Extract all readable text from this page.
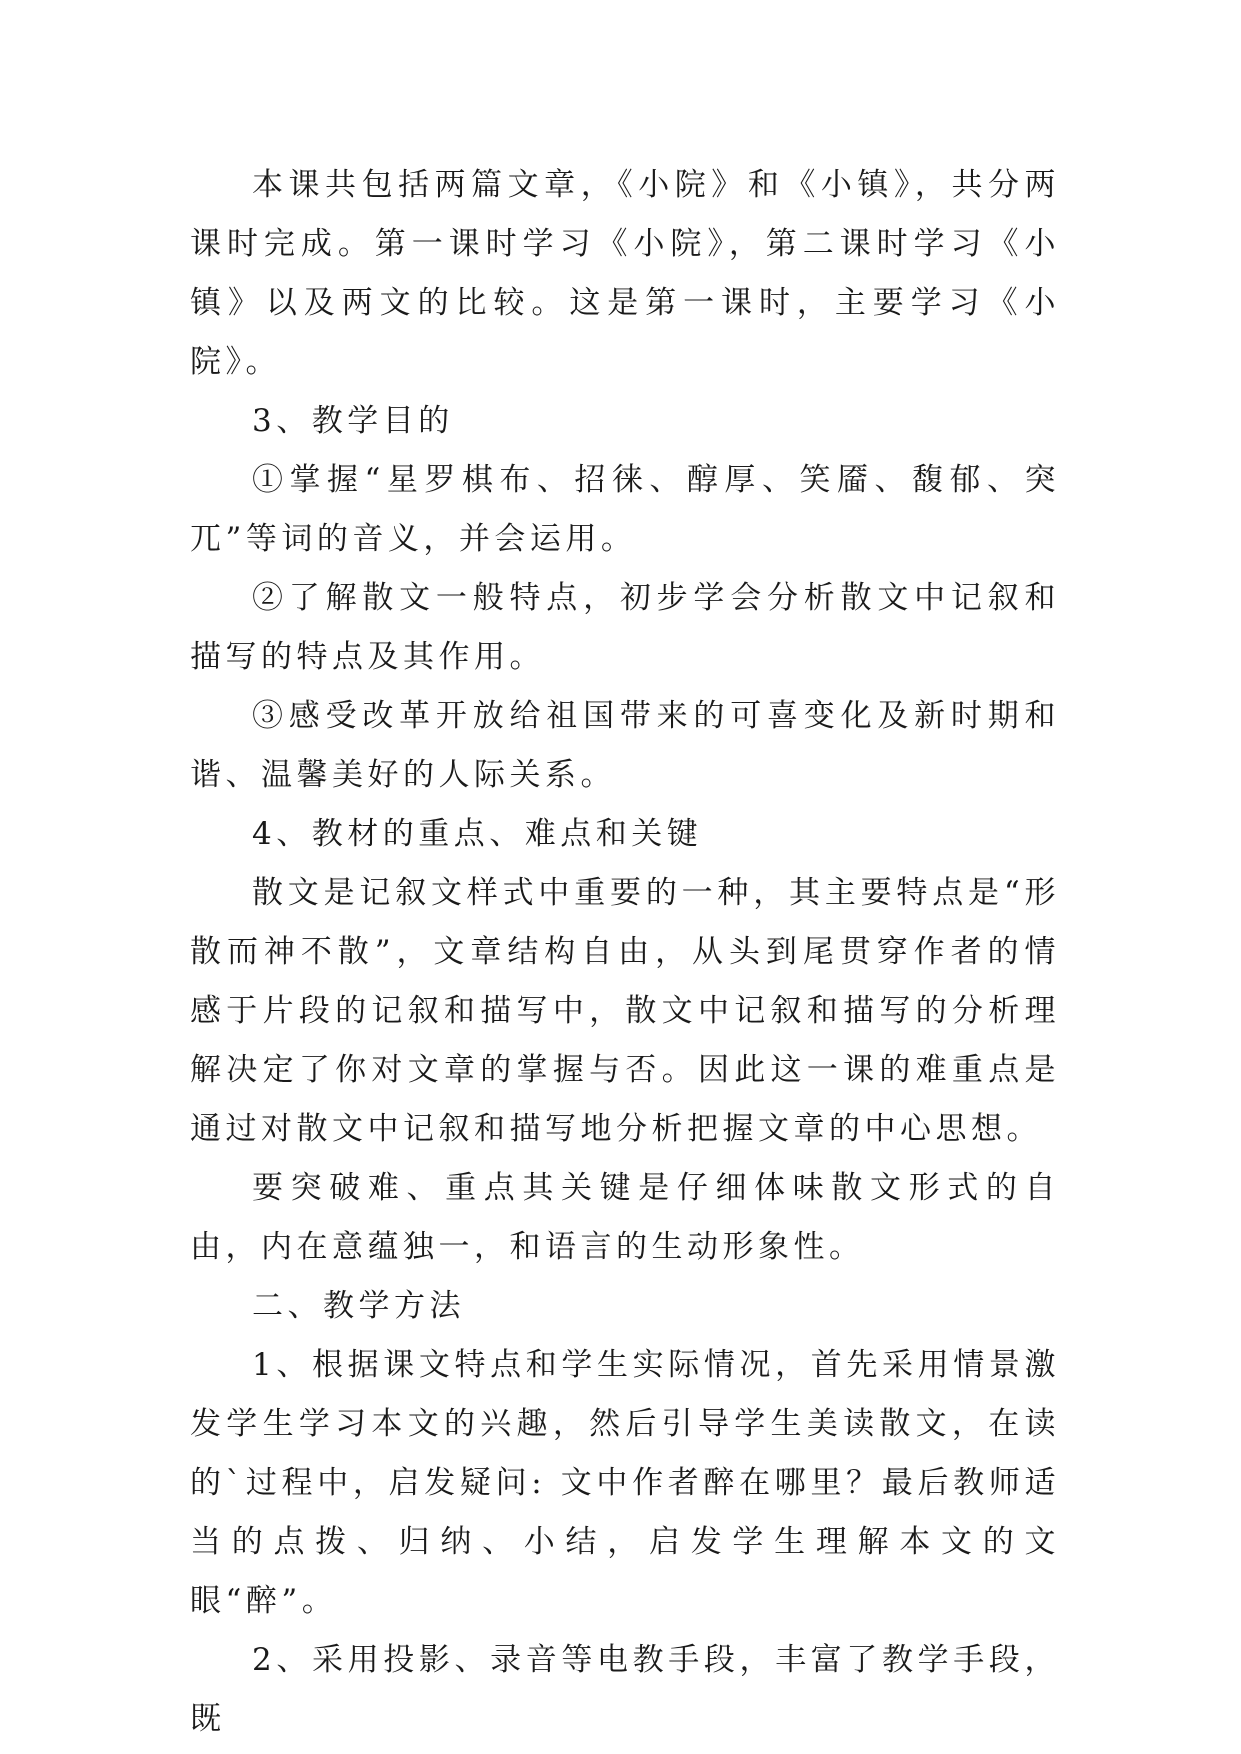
本课共包括两篇文章，《小院》和《小镇》，共分两课时完成。第一课时学习《小院》，第二课时学习《小镇》以及两文的比较。这是第一课时，主要学习《小院》。

3、教学目的

①掌握“星罗棋布、招徕、醇厚、笑靥、馥郁、突兀”等词的音义，并会运用。

②了解散文一般特点，初步学会分析散文中记叙和描写的特点及其作用。

③感受改革开放给祖国带来的可喜变化及新时期和谐、温馨美好的人际关系。

4、教材的重点、难点和关键

散文是记叙文样式中重要的一种，其主要特点是“形散而神不散”，文章结构自由，从头到尾贯穿作者的情感于片段的记叙和描写中，散文中记叙和描写的分析理解决定了你对文章的掌握与否。因此这一课的难重点是通过对散文中记叙和描写地分析把握文章的中心思想。

要突破难、重点其关键是仔细体味散文形式的自由，内在意蕴独一，和语言的生动形象性。

二、教学方法

1、根据课文特点和学生实际情况，首先采用情景激发学生学习本文的兴趣，然后引导学生美读散文，在读的`过程中，启发疑问: 文中作者醉在哪里？最后教师适当的点拨、归纳、小结，启发学生理解本文的文眼“醉”。

2、采用投影、录音等电教手段，丰富了教学手段，既
